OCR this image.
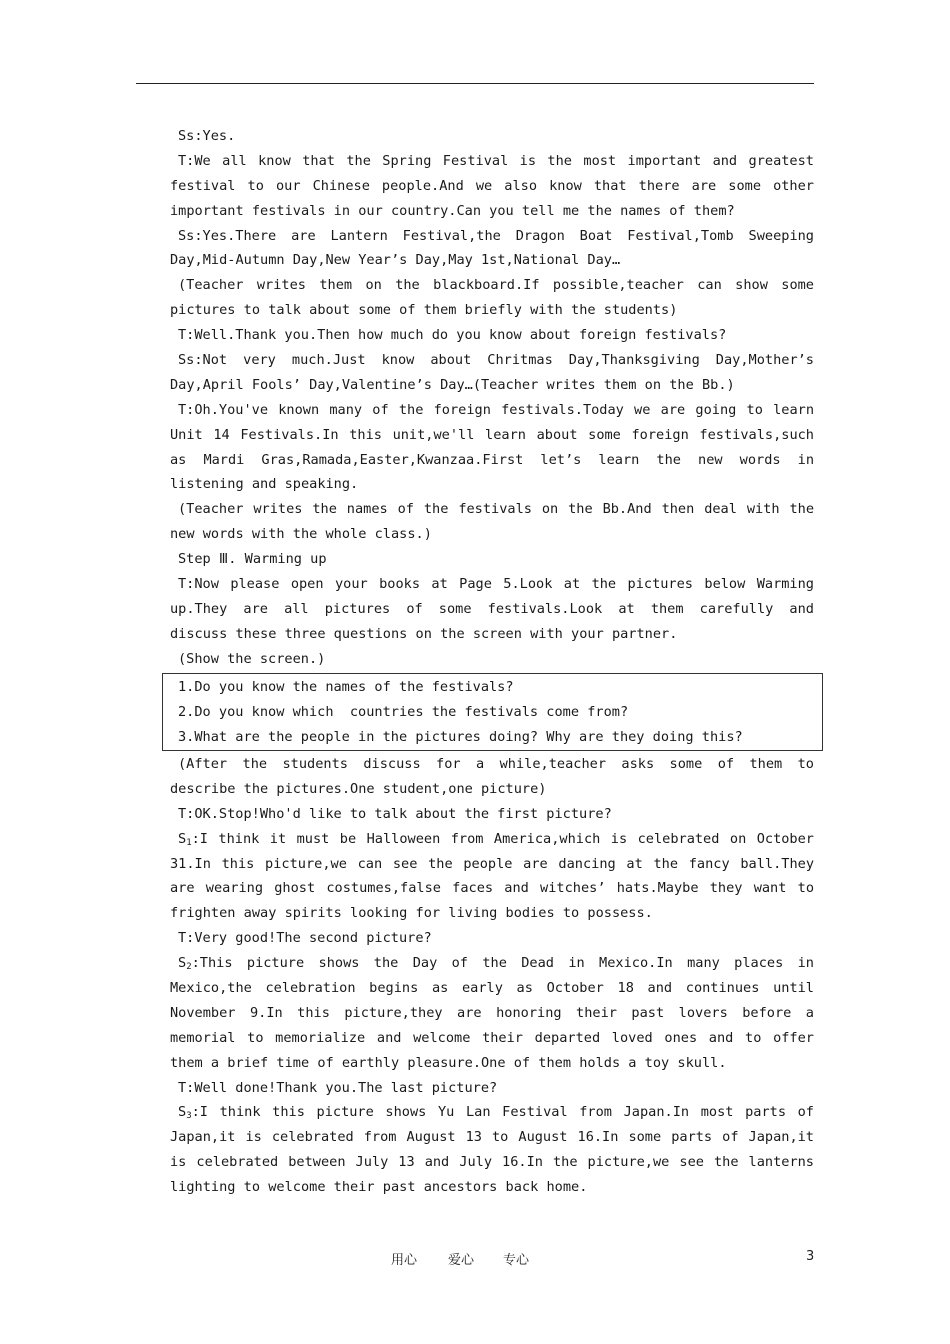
Ss:Yes.
T:We all know that the Spring Festival is the most important and greatest
festival to our Chinese people.And we also know that there are some other
important festivals in our country.Can you tell me the names of them?
Ss:Yes.There are Lantern Festival,the Dragon Boat Festival,Tomb Sweeping
Day,Mid-Autumn Day,New Year’s Day,May 1st,National Day…
(Teacher writes them on the blackboard.If possible,teacher can show some
pictures to talk about some of them briefly with the students)
T:Well.Thank you.Then how much do you know about foreign festivals?
Ss:Not very much.Just know about Chritmas Day,Thanksgiving Day,Mother’s
Day,April Fools’ Day,Valentine’s Day…(Teacher writes them on the Bb.)
T:Oh.You've known many of the foreign festivals.Today we are going to learn
Unit 14 Festivals.In this unit,we'll learn about some foreign festivals,such
as Mardi Gras,Ramada,Easter,Kwanzaa.First let’s learn the new words in
listening and speaking.
(Teacher writes the names of the festivals on the Bb.And then deal with the
new words with the whole class.)
Step Ⅲ. Warming up
T:Now please open your books at Page 5.Look at the pictures below Warming
up.They are all pictures of some festivals.Look at them carefully and
discuss these three questions on the screen with your partner.
(Show the screen.)
1.Do you know the names of the festivals?
2.Do you know which  countries the festivals come from?
3.What are the people in the pictures doing? Why are they doing this?
(After the students discuss for a while,teacher asks some of them to
describe the pictures.One student,one picture)
T:OK.Stop!Who'd like to talk about the first picture?
$S_1:I$ think it must be Halloween from America,which is celebrated on October
31.In this picture,we can see the people are dancing at the fancy ball.They
are wearing ghost costumes,false faces and witches’ hats.Maybe they want to
frighten away spirits looking for living bodies to possess.
T:Very good!The second picture?
$S_2:This$ picture shows the Day of the Dead in Mexico.In many places in
Mexico,the celebration begins as early as October 18 and continues until
November 9.In this picture,they are honoring their past lovers before a
memorial to memorialize and welcome their departed loved ones and to offer
them a brief time of earthly pleasure.One of them holds a toy skull.
T:Well done!Thank you.The last picture?
$S_3:I$ think this picture shows Yu Lan Festival from Japan.In most parts of
Japan,it is celebrated from August 13 to August 16.In some parts of Japan,it
is celebrated between July 13 and July 16.In the picture,we see the lanterns
lighting to welcome their past ancestors back home.
用心 爱心 专心	3
